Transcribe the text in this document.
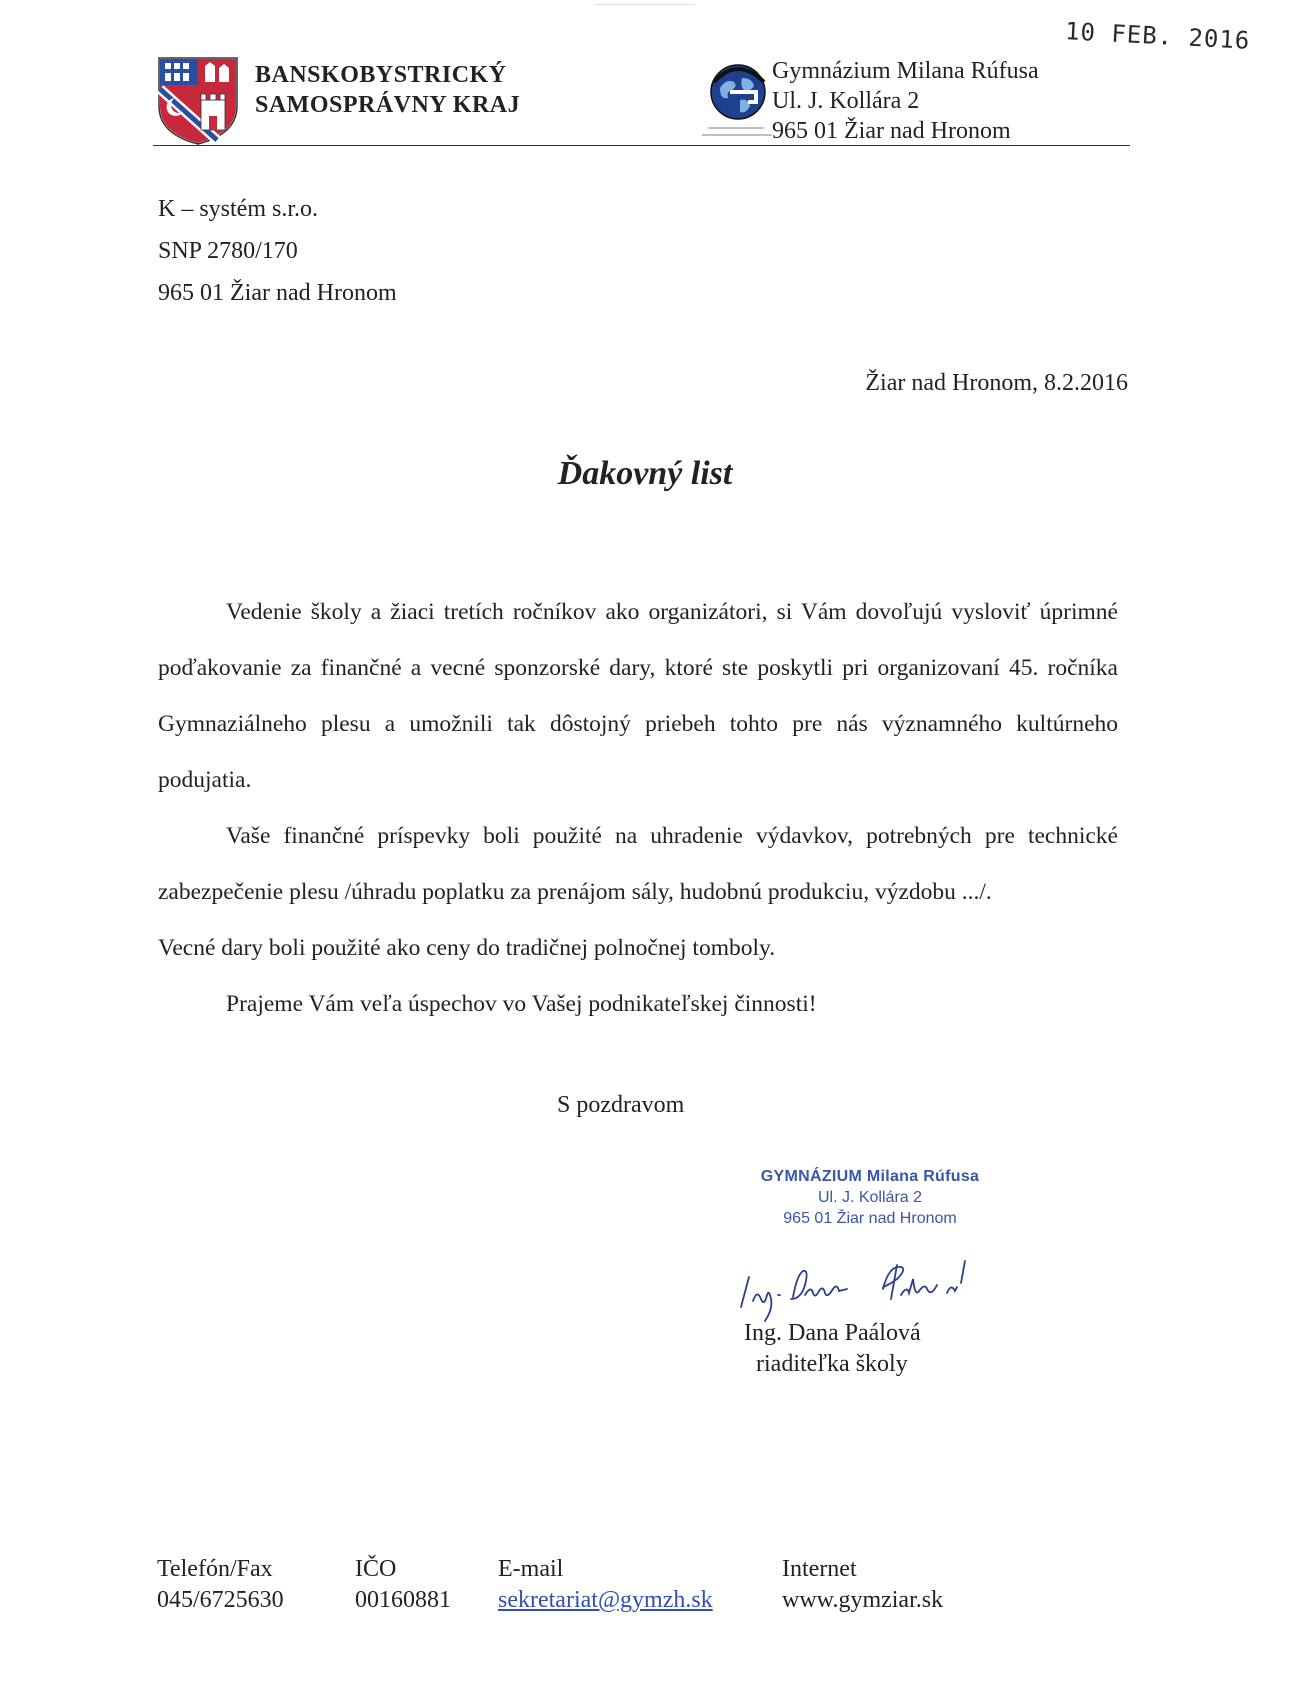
10 FEB. 2016
BANSKOBYSTRICKÝ
SAMOSPRÁVNY KRAJ
Gymnázium Milana Rúfusa
Ul. J. Kollára 2
965 01 Žiar nad Hronom
K – systém s.r.o.
SNP 2780/170
965 01 Žiar nad Hronom
Žiar nad Hronom, 8.2.2016
Ďakovný list

Vedenie školy a žiaci tretích ročníkov ako organizátori, si Vám dovoľujú vysloviť úprimné poďakovanie za finančné a vecné sponzorské dary, ktoré ste poskytli pri organizovaní 45. ročníka Gymnaziálneho plesu a umožnili tak dôstojný priebeh tohto pre nás významného kultúrneho podujatia.

Vaše finančné príspevky boli použité na uhradenie výdavkov, potrebných pre technické zabezpečenie plesu /úhradu poplatku za prenájom sály, hudobnú produkciu, výzdobu .../.

Vecné dary boli použité ako ceny do tradičnej polnočnej tomboly.

Prajeme Vám veľa úspechov vo Vašej podnikateľskej činnosti!

S pozdravom
GYMNÁZIUM Milana Rúfusa
Ul. J. Kollára 2
965 01 Žiar nad Hronom
Ing. Dana Paálová
riaditeľka školy
Telefón/Fax
045/6725630
IČO
00160881
E-mail
sekretariat@gymzh.sk
Internet
www.gymziar.sk
